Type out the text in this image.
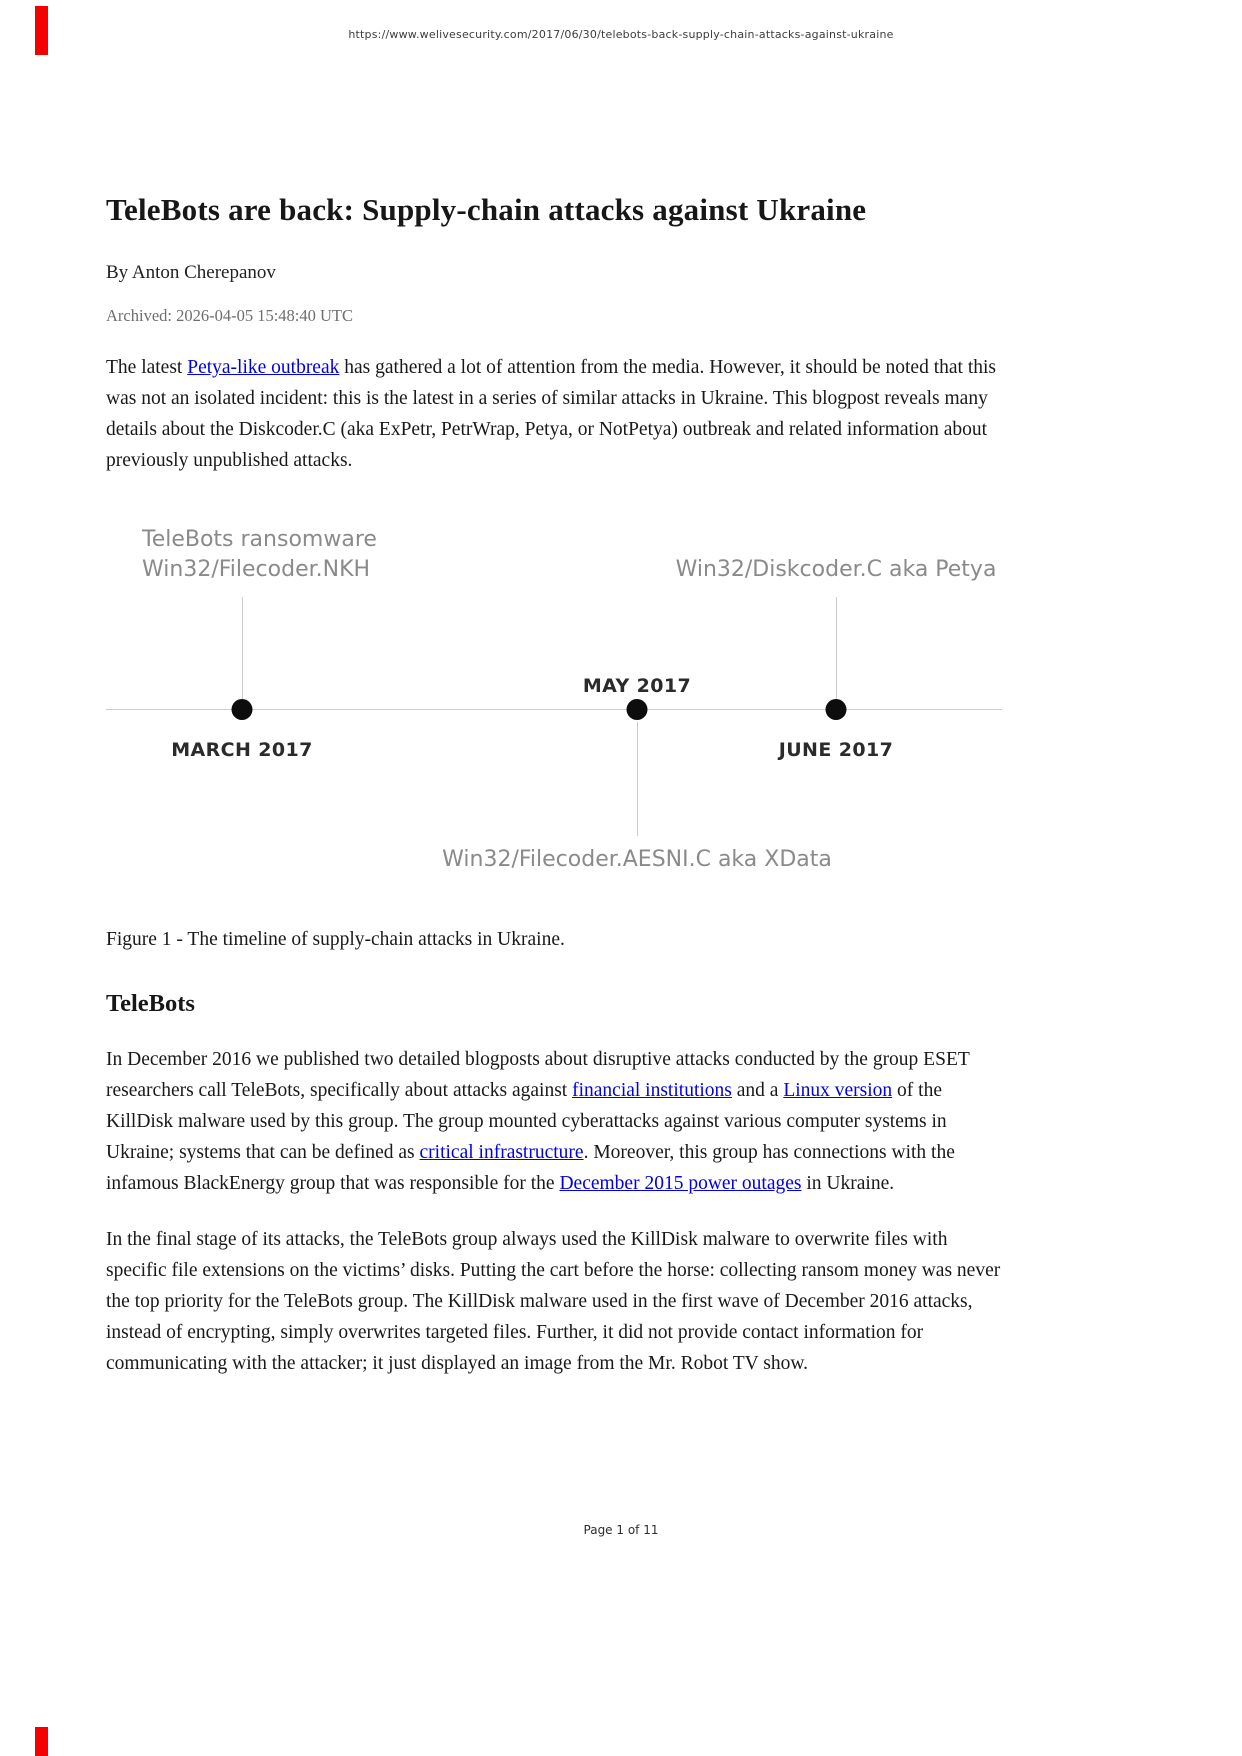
https://www.welivesecurity.com/2017/06/30/telebots-back-supply-chain-attacks-against-ukraine
TeleBots are back: Supply-chain attacks against Ukraine
By Anton Cherepanov
Archived: 2026-04-05 15:48:40 UTC

The latest Petya-like outbreak has gathered a lot of attention from the media. However, it should be noted that this was not an isolated incident: this is the latest in a series of similar attacks in Ukraine. This blogpost reveals many details about the Diskcoder.C (aka ExPetr, PetrWrap, Petya, or NotPetya) outbreak and related information about previously unpublished attacks.

TeleBots ransomware
Win32/Filecoder.NKH	Win32/Diskcoder.C aka Petya
MAY 2017
MARCH 2017	JUNE 2017
Win32/Filecoder.AESNI.C aka XData

Figure 1 - The timeline of supply-chain attacks in Ukraine.

TeleBots

In December 2016 we published two detailed blogposts about disruptive attacks conducted by the group ESET researchers call TeleBots, specifically about attacks against financial institutions and a Linux version of the KillDisk malware used by this group. The group mounted cyberattacks against various computer systems in Ukraine; systems that can be defined as critical infrastructure. Moreover, this group has connections with the infamous BlackEnergy group that was responsible for the December 2015 power outages in Ukraine.

In the final stage of its attacks, the TeleBots group always used the KillDisk malware to overwrite files with specific file extensions on the victims’ disks. Putting the cart before the horse: collecting ransom money was never the top priority for the TeleBots group. The KillDisk malware used in the first wave of December 2016 attacks, instead of encrypting, simply overwrites targeted files. Further, it did not provide contact information for communicating with the attacker; it just displayed an image from the Mr. Robot TV show.

Page 1 of 11
